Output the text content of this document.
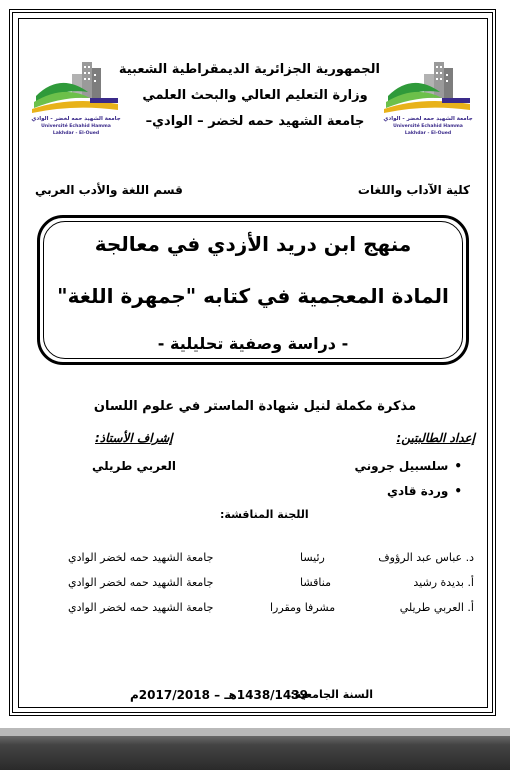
جامعة الشهيد حمه لخضر - الوادي
Université Echahid Hamma Lakhdar - El-Oued
جامعة الشهيد حمه لخضر - الوادي
Université Echahid Hamma Lakhdar - El-Oued
الجمهورية الجزائرية الديمقراطية الشعبية
وزارة التعليم العالي والبحث العلمي
جامعة الشهيد حمه لخضر – الوادي–
كلية الآداب واللغات
قسم اللغة والأدب العربي
منهج ابن دريد الأزدي في معالجة
المادة المعجمية في كتابه "جمهرة اللغة"
- دراسة وصفية تحليلية -
مذكرة مكملة لنيل شهادة الماستر في علوم اللسان
إعداد الطالبتين:
إشراف الأستاذ:
• سلسبيل جروني
• وردة قادي
العربي طريلي
اللجنة المناقشة:
د. عباس عبد الرؤوف
رئيسا
جامعة الشهيد حمه لخضر الوادي
أ. بديدة رشيد
مناقشا
جامعة الشهيد حمه لخضر الوادي
أ. العربي طريلي
مشرفا ومقررا
جامعة الشهيد حمه لخضر الوادي
السنة الجامعية:
1438/1439هـ – 2017/2018م
